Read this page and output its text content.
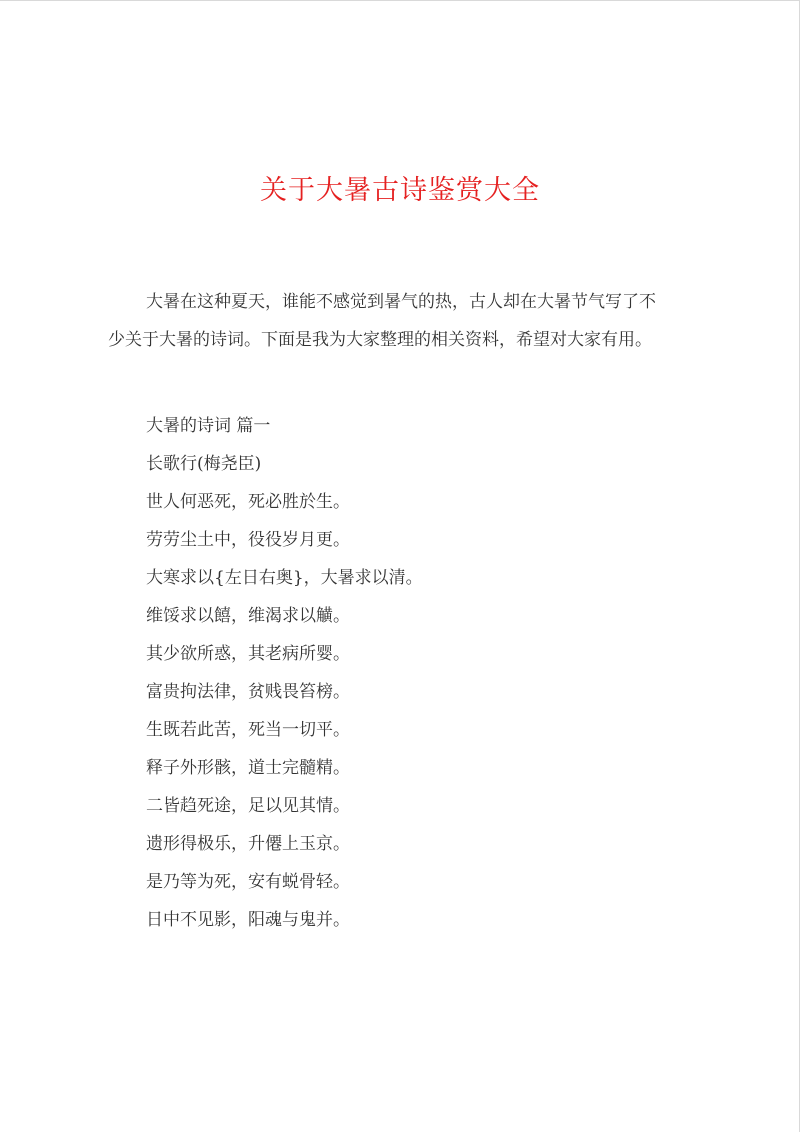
关于大暑古诗鉴赏大全

大暑在这种夏天，谁能不感觉到暑气的热，古人却在大暑节气写了不

少关于大暑的诗词。下面是我为大家整理的相关资料，希望对大家有用。

大暑的诗词 篇一
长歌行(梅尧臣)
世人何恶死，死必胜於生。
劳劳尘土中，役役岁月更。
大寒求以{左日右奥}，大暑求以清。
维馁求以饎，维渴求以觵。
其少欲所惑，其老病所婴。
富贵拘法律，贫贱畏笞榜。
生既若此苦，死当一切平。
释子外形骸，道士完髓精。
二皆趋死途，足以见其情。
遗形得极乐，升僊上玉京。
是乃等为死，安有蜕骨轻。
日中不见影，阳魂与鬼并。
